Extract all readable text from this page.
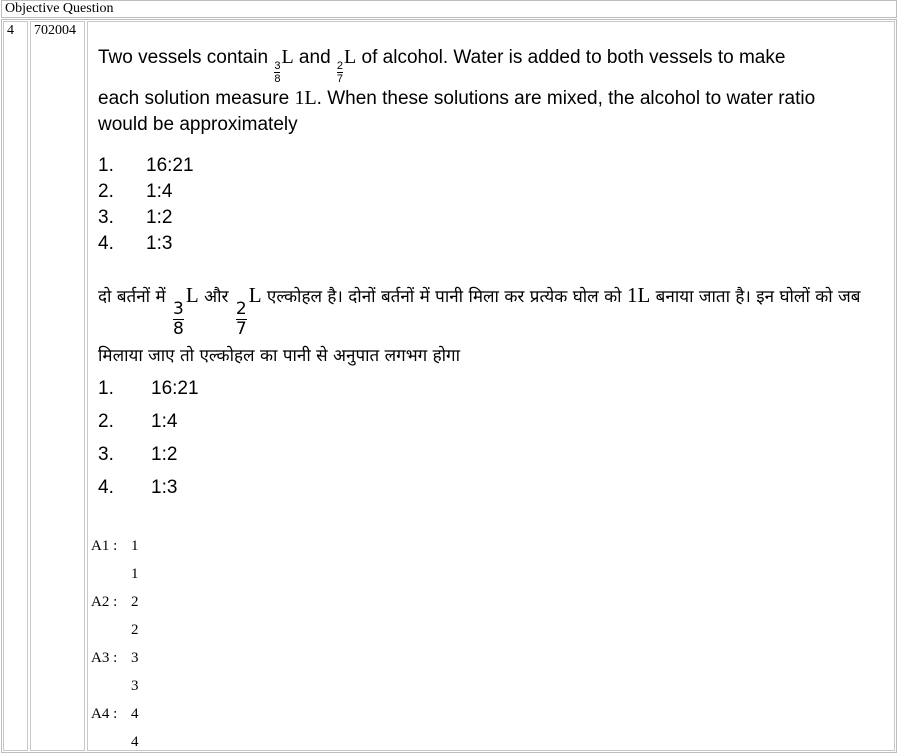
Objective Question
4	702004
Two vessels contain
$\frac{3}{8}$
L and
$\frac{2}{7}$
L of alcohol. Water is added to both vessels to make each solution measure 1L. When these solutions are mixed, the alcohol to water ratio would be approximately
1.	16:21
2.	1:4
3.	1:2
4.	1:3
दो बर्तनों में
$\frac{3}{8}$
L और
$\frac{2}{7}$
L एल्कोहल है। दोनों बर्तनों में पानी मिला कर प्रत्येक घोल को 1L बनाया जाता है। इन घोलों को जब मिलाया जाए तो एल्कोहल का पानी से अनुपात लगभग होगा
1.	16:21
2.	1:4
3.	1:2
4.	1:3
A1 : 1
1
A2 : 2
2
A3 : 3
3
A4 : 4
4
